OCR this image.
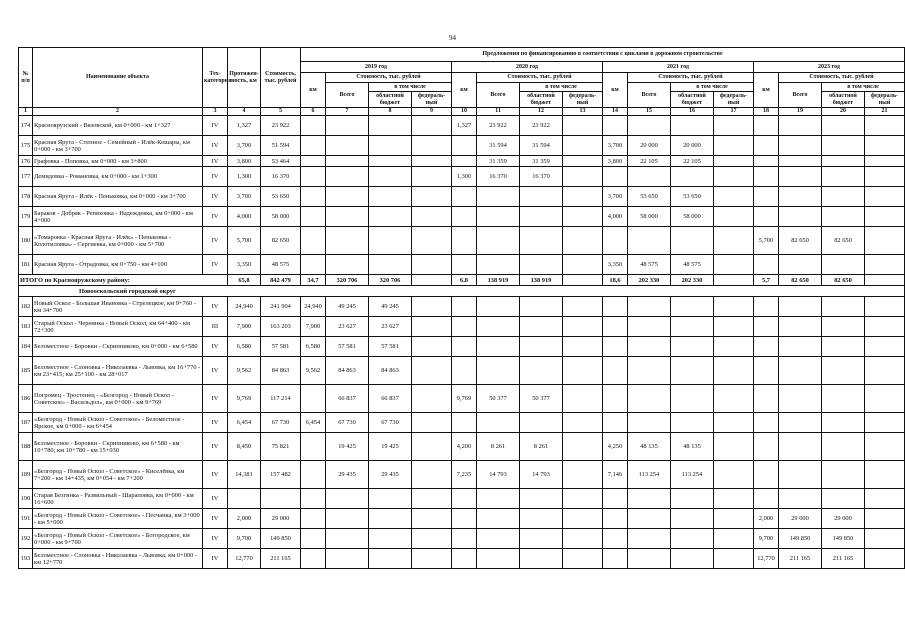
94
№ п/п	Наименование объекта	Тех-категория	Протяжен-ность, км	Стоимость, тыс. рублей	Предложения по финансированию в соответствии с циклами в дорожном строительстве															
					2019 год				2020 год				2021 год				2023 год			
					км	Стоимость, тыс. рублей			км	Стоимость, тыс. рублей			км	Стоимость, тыс. рублей			км	Стоимость, тыс. рублей		
						Всего	в том числе			Всего	в том числе			Всего	в том числе			Всего	в том числе	
							областной бюджет	федераль-ный			областной бюджет	федераль-ный			областной бюджет	федераль-ный			областной бюджет	федераль-ный
1	2	3	4	5	6	7	8	9	10	11	12	13	14	15	16	17	18	19	20	21
174	Красноярузский - Вязовской, км 0+000 - км 1+327	IV	1,327	23 922					1,327	23 922	23 922									
175	Красная Яруга - Степное - Семейный - Илёк-Кошары, км 0+000 - км 3+700	IV	3,700	51 594						31 594	31 594		3,700	20 000	20 000					
176	Графовка - Поповка, км 0+000 - км 3+800	IV	3,800	53 464						31 359	31 359		3,800	22 105	22 105					
177	Демидовка - Романовка, км 0+000 - км 1+300	IV	1,300	16 370					1,300	16 370	16 370									
178	Красная Яруга - Илёк - Пеньковка, км 0+000 - км 3+700	IV	3,700	53 650									3,700	53 650	53 650					
179	Бараков - Добряк - Репяховка - Надеждевка, км 0+000 - км 4+000	IV	4,000	58 000									4,000	58 000	58 000					
180	«Томаровка - Красная Яруга - Илёк» - Пеньковка - Колотиловка» - Сергиевка, км 0+000 - км 5+700	IV	5,700	82 650													5,700	82 650	82 650	
181	Красная Яруга - Отрадовка, км 0+750 - км 4+100	IV	3,350	48 575									3,350	48 575	48 575					
ИТОГО по Краснояружскому району:			65,8	842 479	34,7	320 706	320 706		6,8	138 919	138 919		18,6	202 330	202 330		5,7	82 650	82 650	
Новооскольский городской округ																				
182	Новый Оскол - Большая Ивановка - Стрелецкое, км 9+760 - км 34+700	IV	24,940	241 904	24,940	49 245	49 245													
183	Старый Оскол - Чернянка - Новый Оскол, км 64+400 - км 72+300	III	7,900	163 203	7,900	23 627	23 627													
184	Беломестное - Боровки - Скрипниково, км 0+000 - км 6+580	IV	6,580	57 581	6,580	57 581	57 581													
185	Беломестное - Слоновка - Николаевка - Львовка, км 16+770 - км 23+415; км 25+100 - км 28+017	IV	9,562	84 863	9,562	84 863	84 863													
186	Погромец - Тростенец - «Белгород - Новый Оскол - Советское» - Васильдол», км 0+000 - км 9+769	IV	9,769	117 214		66 837	66 837		9,769	50 377	50 377									
187	«Белгород - Новый Оскол - Советское» - Беломестное - Ярское, км 0+000 - км 6+454	IV	6,454	67 730	6,454	67 730	67 730													
188	Беломестное - Боровки - Скрипниково, км 6+580 - км 10+780; км 10+780 - км 15+030	IV	8,450	75 821		19 425	19 425		4,200	8 261	8 261		4,250	48 135	48 135					
189	«Белгород - Новый Оскол - Советское» - Киселёвка, км 7+200 - км 14+435, км 0+054 - км 7+200	IV	14,381	157 482		29 435	29 435		7,235	14 793	14 793		7,146	113 254	113 254					
190	Старая Безгинка - Развильный - Шараповка, км 0+000 - км 16+600	IV																		
191	«Белгород - Новый Оскол - Советское» - Песчанка, км 3+000 - км 5+000	IV	2,000	29 000													2,000	29 000	29 000	
192	«Белгород - Новый Оскол - Советское» - Богородское, км 0+000 - км 9+700	IV	9,700	149 850													9,700	149 850	149 850	
193	Беломестное - Слоновка - Николаевка - Львовка, км 0+000 - км 12+770	IV	12,770	211 165													12,770	211 165	211 165	
